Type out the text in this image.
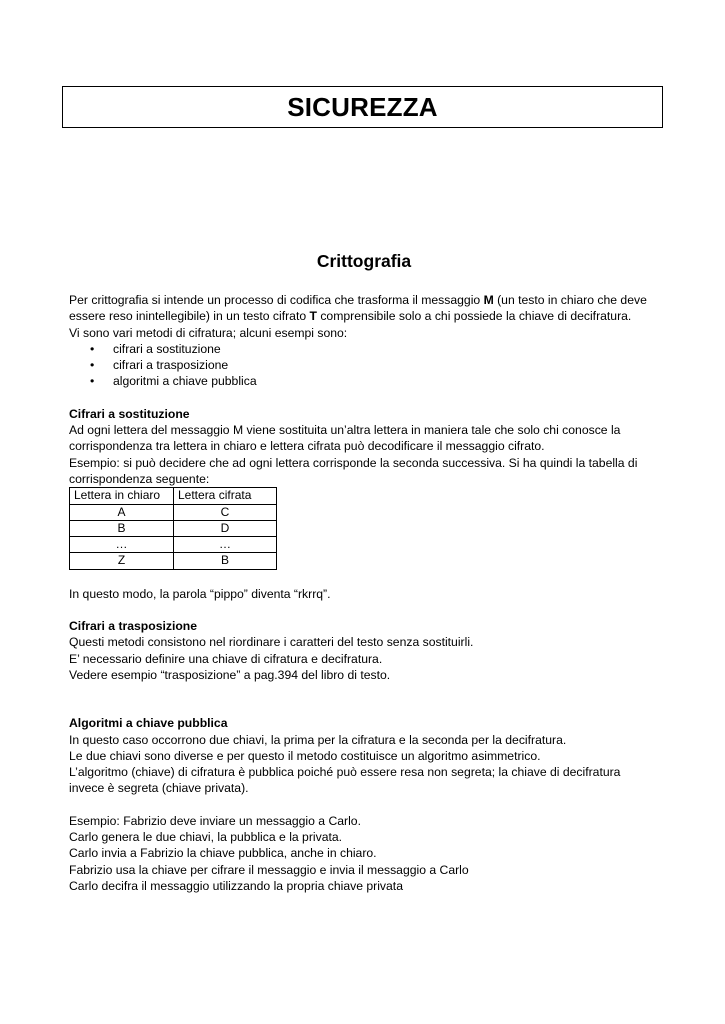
SICUREZZA
Crittografia

Per crittografia si intende un processo di codifica che trasforma il messaggio M (un testo in chiaro che deve essere reso inintellegibile) in un testo cifrato T comprensibile solo a chi possiede la chiave di decifratura.

Vi sono vari metodi di cifratura; alcuni esempi sono:

• cifrari a sostituzione
• cifrari a trasposizione
• algoritmi a chiave pubblica

Cifrari a sostituzione

Ad ogni lettera del messaggio M viene sostituita un’altra lettera in maniera tale che solo chi conosce la corrispondenza tra lettera in chiaro e lettera cifrata può decodificare il messaggio cifrato.

Esempio: si può decidere che ad ogni lettera corrisponde la seconda successiva. Si ha quindi la tabella di corrispondenza seguente:

Lettera in chiaro	Lettera cifrata
A	C
B	D
…	…
Z	B

In questo modo, la parola “pippo” diventa “rkrrq”.

Cifrari a trasposizione

Questi metodi consistono nel riordinare i caratteri del testo senza sostituirli.

E’ necessario definire una chiave di cifratura e decifratura.

Vedere esempio “trasposizione” a pag.394 del libro di testo.

Algoritmi a chiave pubblica

In questo caso occorrono due chiavi, la prima per la cifratura e la seconda per la decifratura.

Le due chiavi sono diverse e per questo il metodo costituisce un algoritmo asimmetrico.

L’algoritmo (chiave) di cifratura è pubblica poiché può essere resa non segreta; la chiave di decifratura invece è segreta (chiave privata).

Esempio: Fabrizio deve inviare un messaggio a Carlo.

Carlo genera le due chiavi, la pubblica e la privata.

Carlo invia a Fabrizio la chiave pubblica, anche in chiaro.

Fabrizio usa la chiave per cifrare il messaggio e invia il messaggio a Carlo

Carlo decifra il messaggio utilizzando la propria chiave privata
